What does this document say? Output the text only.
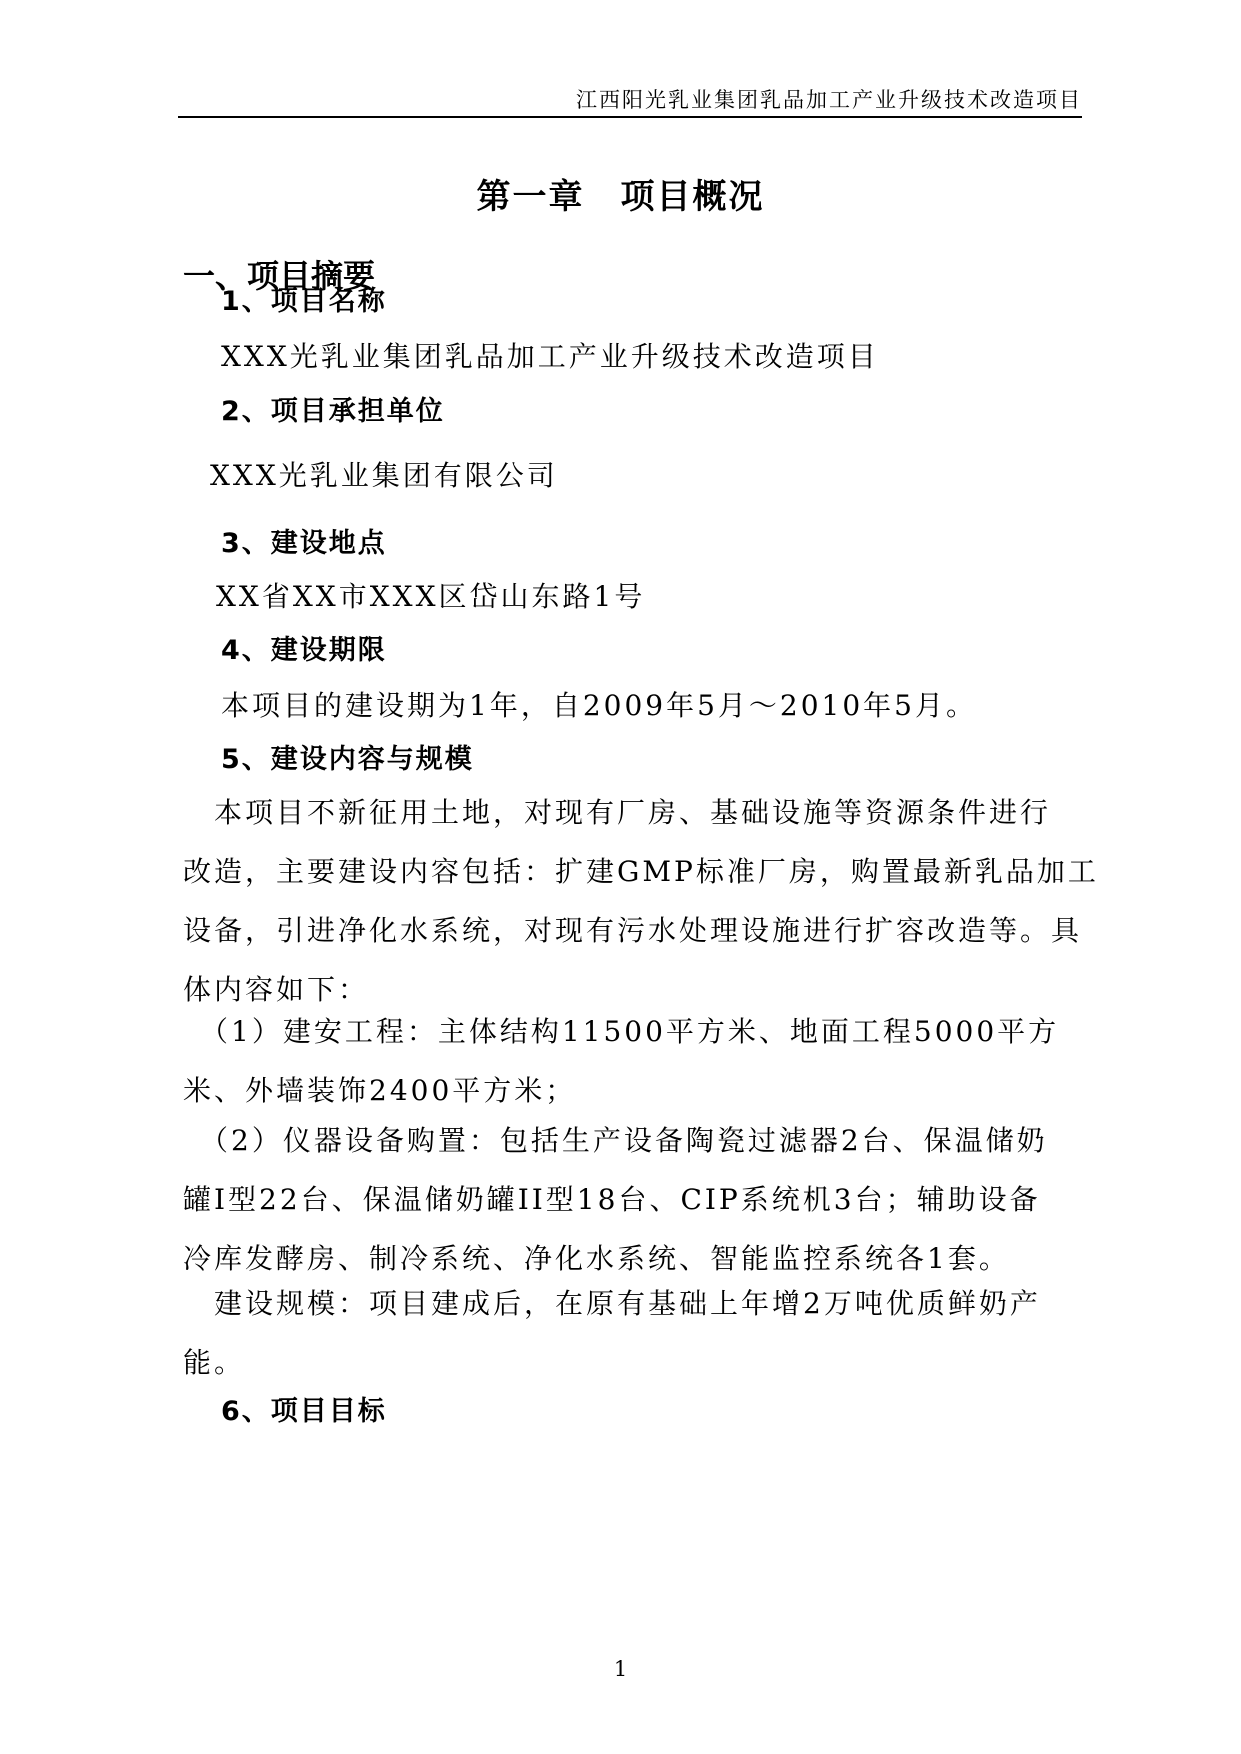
江西阳光乳业集团乳品加工产业升级技术改造项目
第一章　项目概况
一、项目摘要
1、项目名称
XXX光乳业集团乳品加工产业升级技术改造项目
2、项目承担单位
XXX光乳业集团有限公司
3、建设地点
XX省XX市XXX区岱山东路1号
4、建设期限
本项目的建设期为1年，自2009年5月～2010年5月。
5、建设内容与规模
　本项目不新征用土地，对现有厂房、基础设施等资源条件进行
改造，主要建设内容包括：扩建GMP标准厂房，购置最新乳品加工
设备，引进净化水系统，对现有污水处理设施进行扩容改造等。具
体内容如下：
　（1）建安工程：主体结构11500平方米、地面工程5000平方
米、外墙装饰2400平方米；
　（2）仪器设备购置：包括生产设备陶瓷过滤器2台、保温储奶
罐I型22台、保温储奶罐II型18台、CIP系统机3台；辅助设备
冷库发酵房、制冷系统、净化水系统、智能监控系统各1套。
　建设规模：项目建成后，在原有基础上年增2万吨优质鲜奶产
能。
6、项目目标
1
